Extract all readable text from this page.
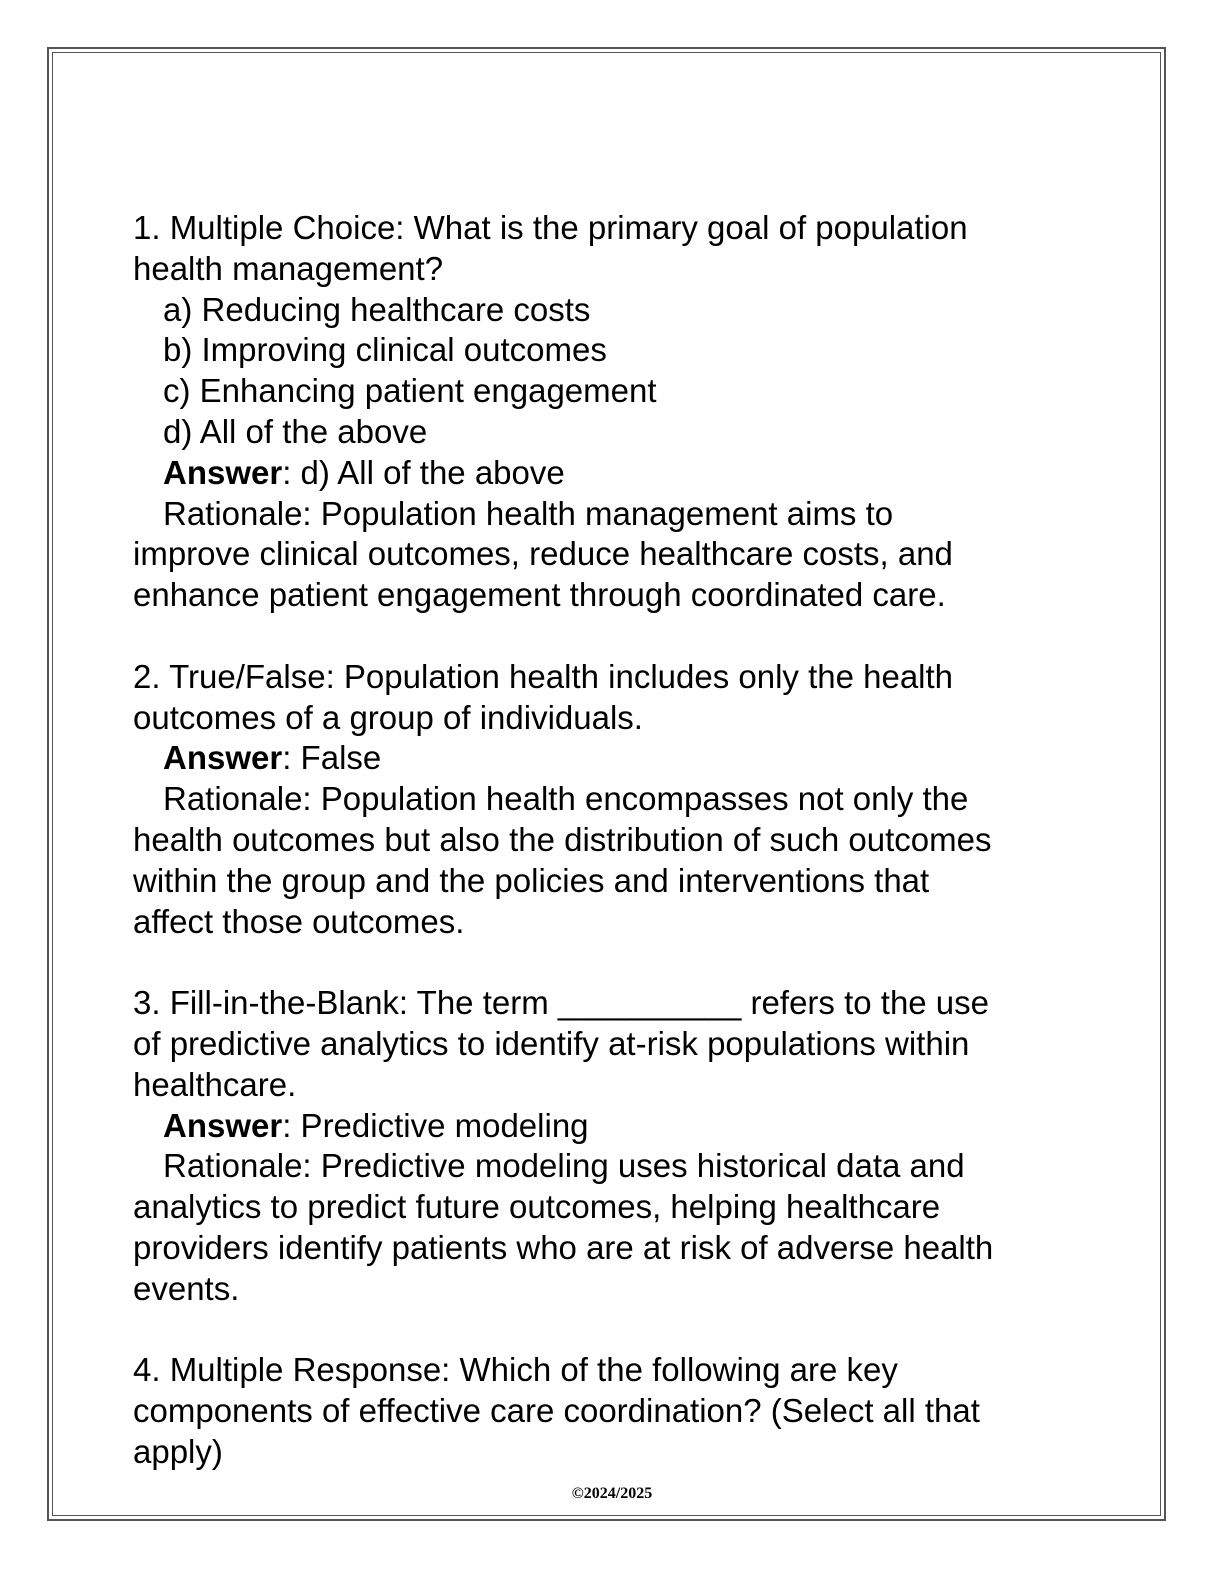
1. Multiple Choice: What is the primary goal of population
health management?
a) Reducing healthcare costs
b) Improving clinical outcomes
c) Enhancing patient engagement
d) All of the above
Answer: d) All of the above
Rationale: Population health management aims to
improve clinical outcomes, reduce healthcare costs, and
enhance patient engagement through coordinated care.
2. True/False: Population health includes only the health
outcomes of a group of individuals.
Answer: False
Rationale: Population health encompasses not only the
health outcomes but also the distribution of such outcomes
within the group and the policies and interventions that
affect those outcomes.
3. Fill-in-the-Blank: The term __________ refers to the use
of predictive analytics to identify at-risk populations within
healthcare.
Answer: Predictive modeling
Rationale: Predictive modeling uses historical data and
analytics to predict future outcomes, helping healthcare
providers identify patients who are at risk of adverse health
events.
4. Multiple Response: Which of the following are key
components of effective care coordination? (Select all that
apply)
©2024/2025
